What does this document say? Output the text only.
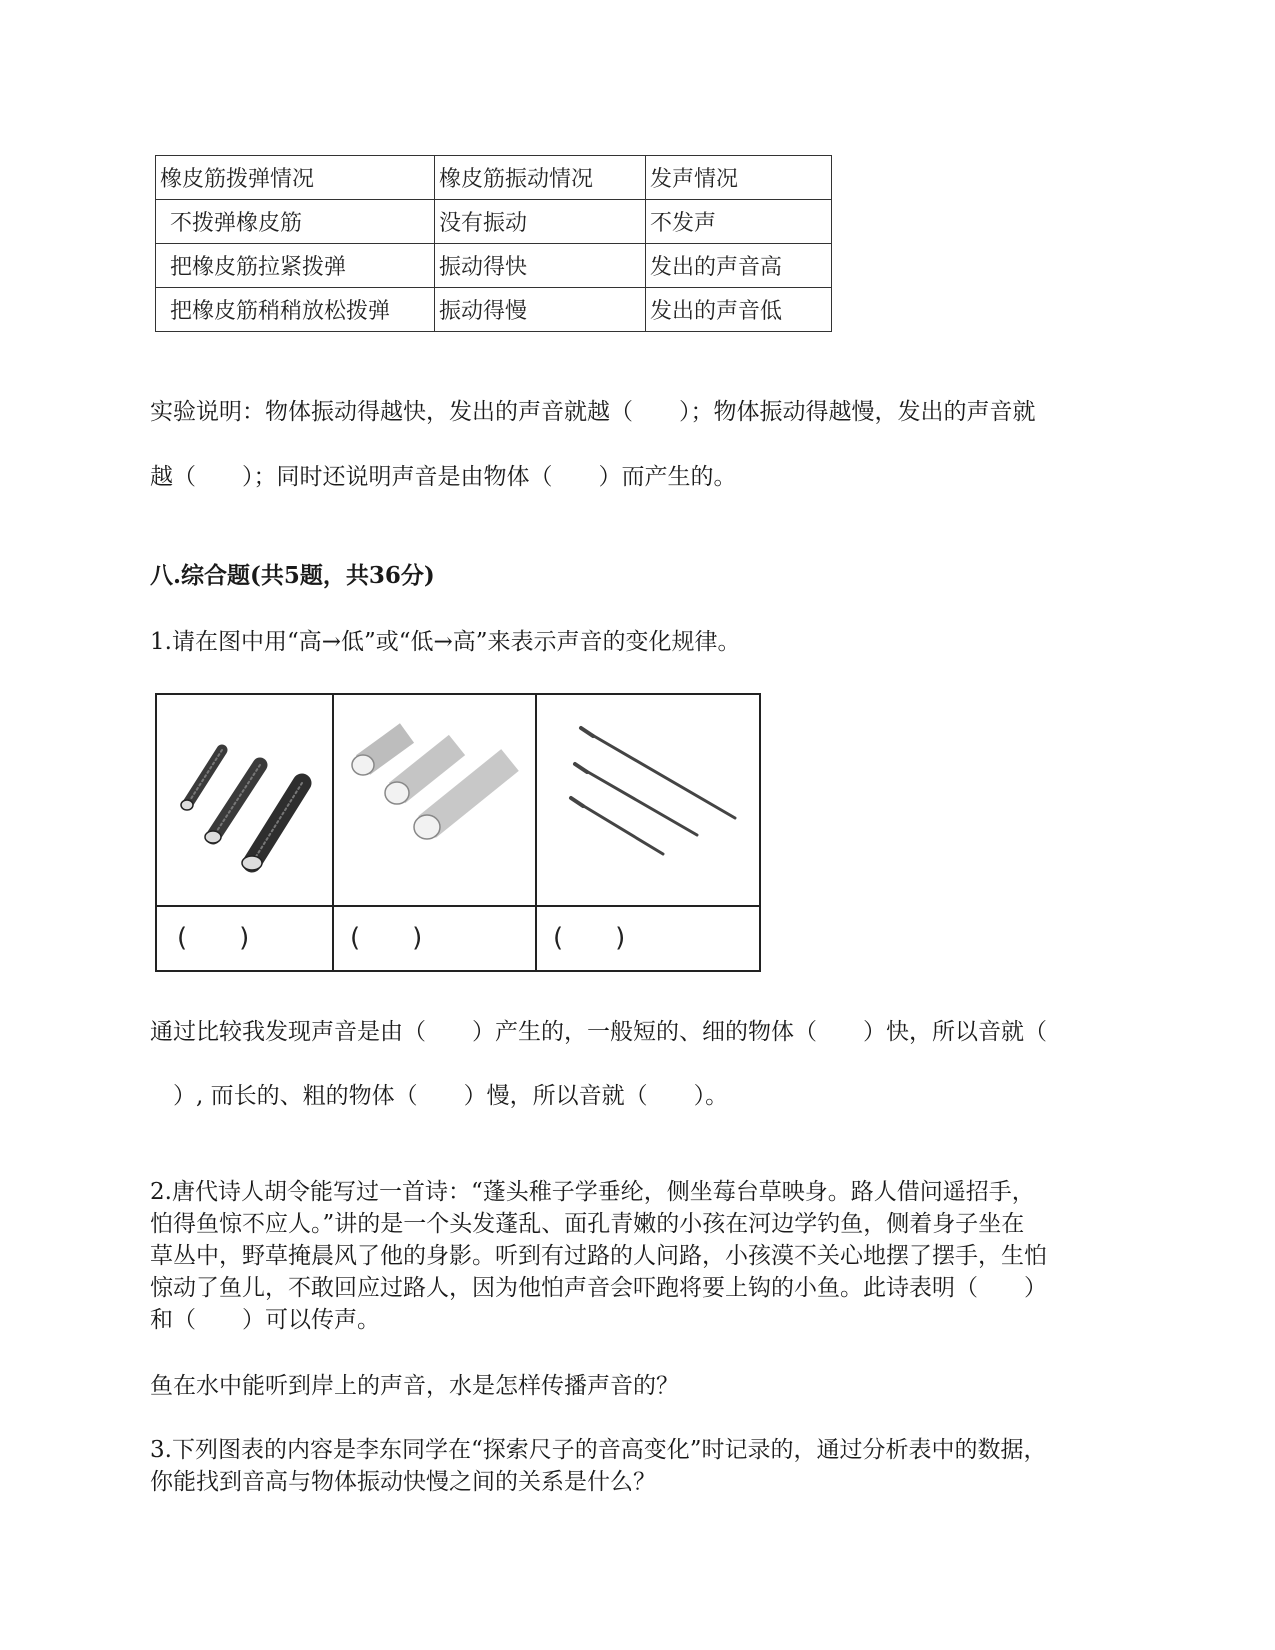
橡皮筋拨弹情况	橡皮筋振动情况	发声情况
不拨弹橡皮筋	没有振动	不发声
把橡皮筋拉紧拨弹	振动得快	发出的声音高
把橡皮筋稍稍放松拨弹	振动得慢	发出的声音低
实验说明：物体振动得越快，发出的声音就越（　　）；物体振动得越慢，发出的声音就
越（　　）；同时还说明声音是由物体（　　）而产生的。
八.综合题(共5题，共36分)
1.请在图中用“高→低”或“低→高”来表示声音的变化规律。
(　　)	(　　)	(　　)
通过比较我发现声音是由（　　）产生的，一般短的、细的物体（　　）快，所以音就（
　）, 而长的、粗的物体（　　）慢，所以音就（　　）。
2.唐代诗人胡令能写过一首诗：“蓬头稚子学垂纶，侧坐莓台草映身。路人借问遥招手，
怕得鱼惊不应人。”讲的是一个头发蓬乱、面孔青嫩的小孩在河边学钓鱼，侧着身子坐在
草丛中，野草掩晨风了他的身影。听到有过路的人问路，小孩漠不关心地摆了摆手，生怕
惊动了鱼儿，不敢回应过路人，因为他怕声音会吓跑将要上钩的小鱼。此诗表明（　　）
和（　　）可以传声。
鱼在水中能听到岸上的声音，水是怎样传播声音的？
3.下列图表的内容是李东同学在“探索尺子的音高变化”时记录的，通过分析表中的数据，
你能找到音高与物体振动快慢之间的关系是什么？
